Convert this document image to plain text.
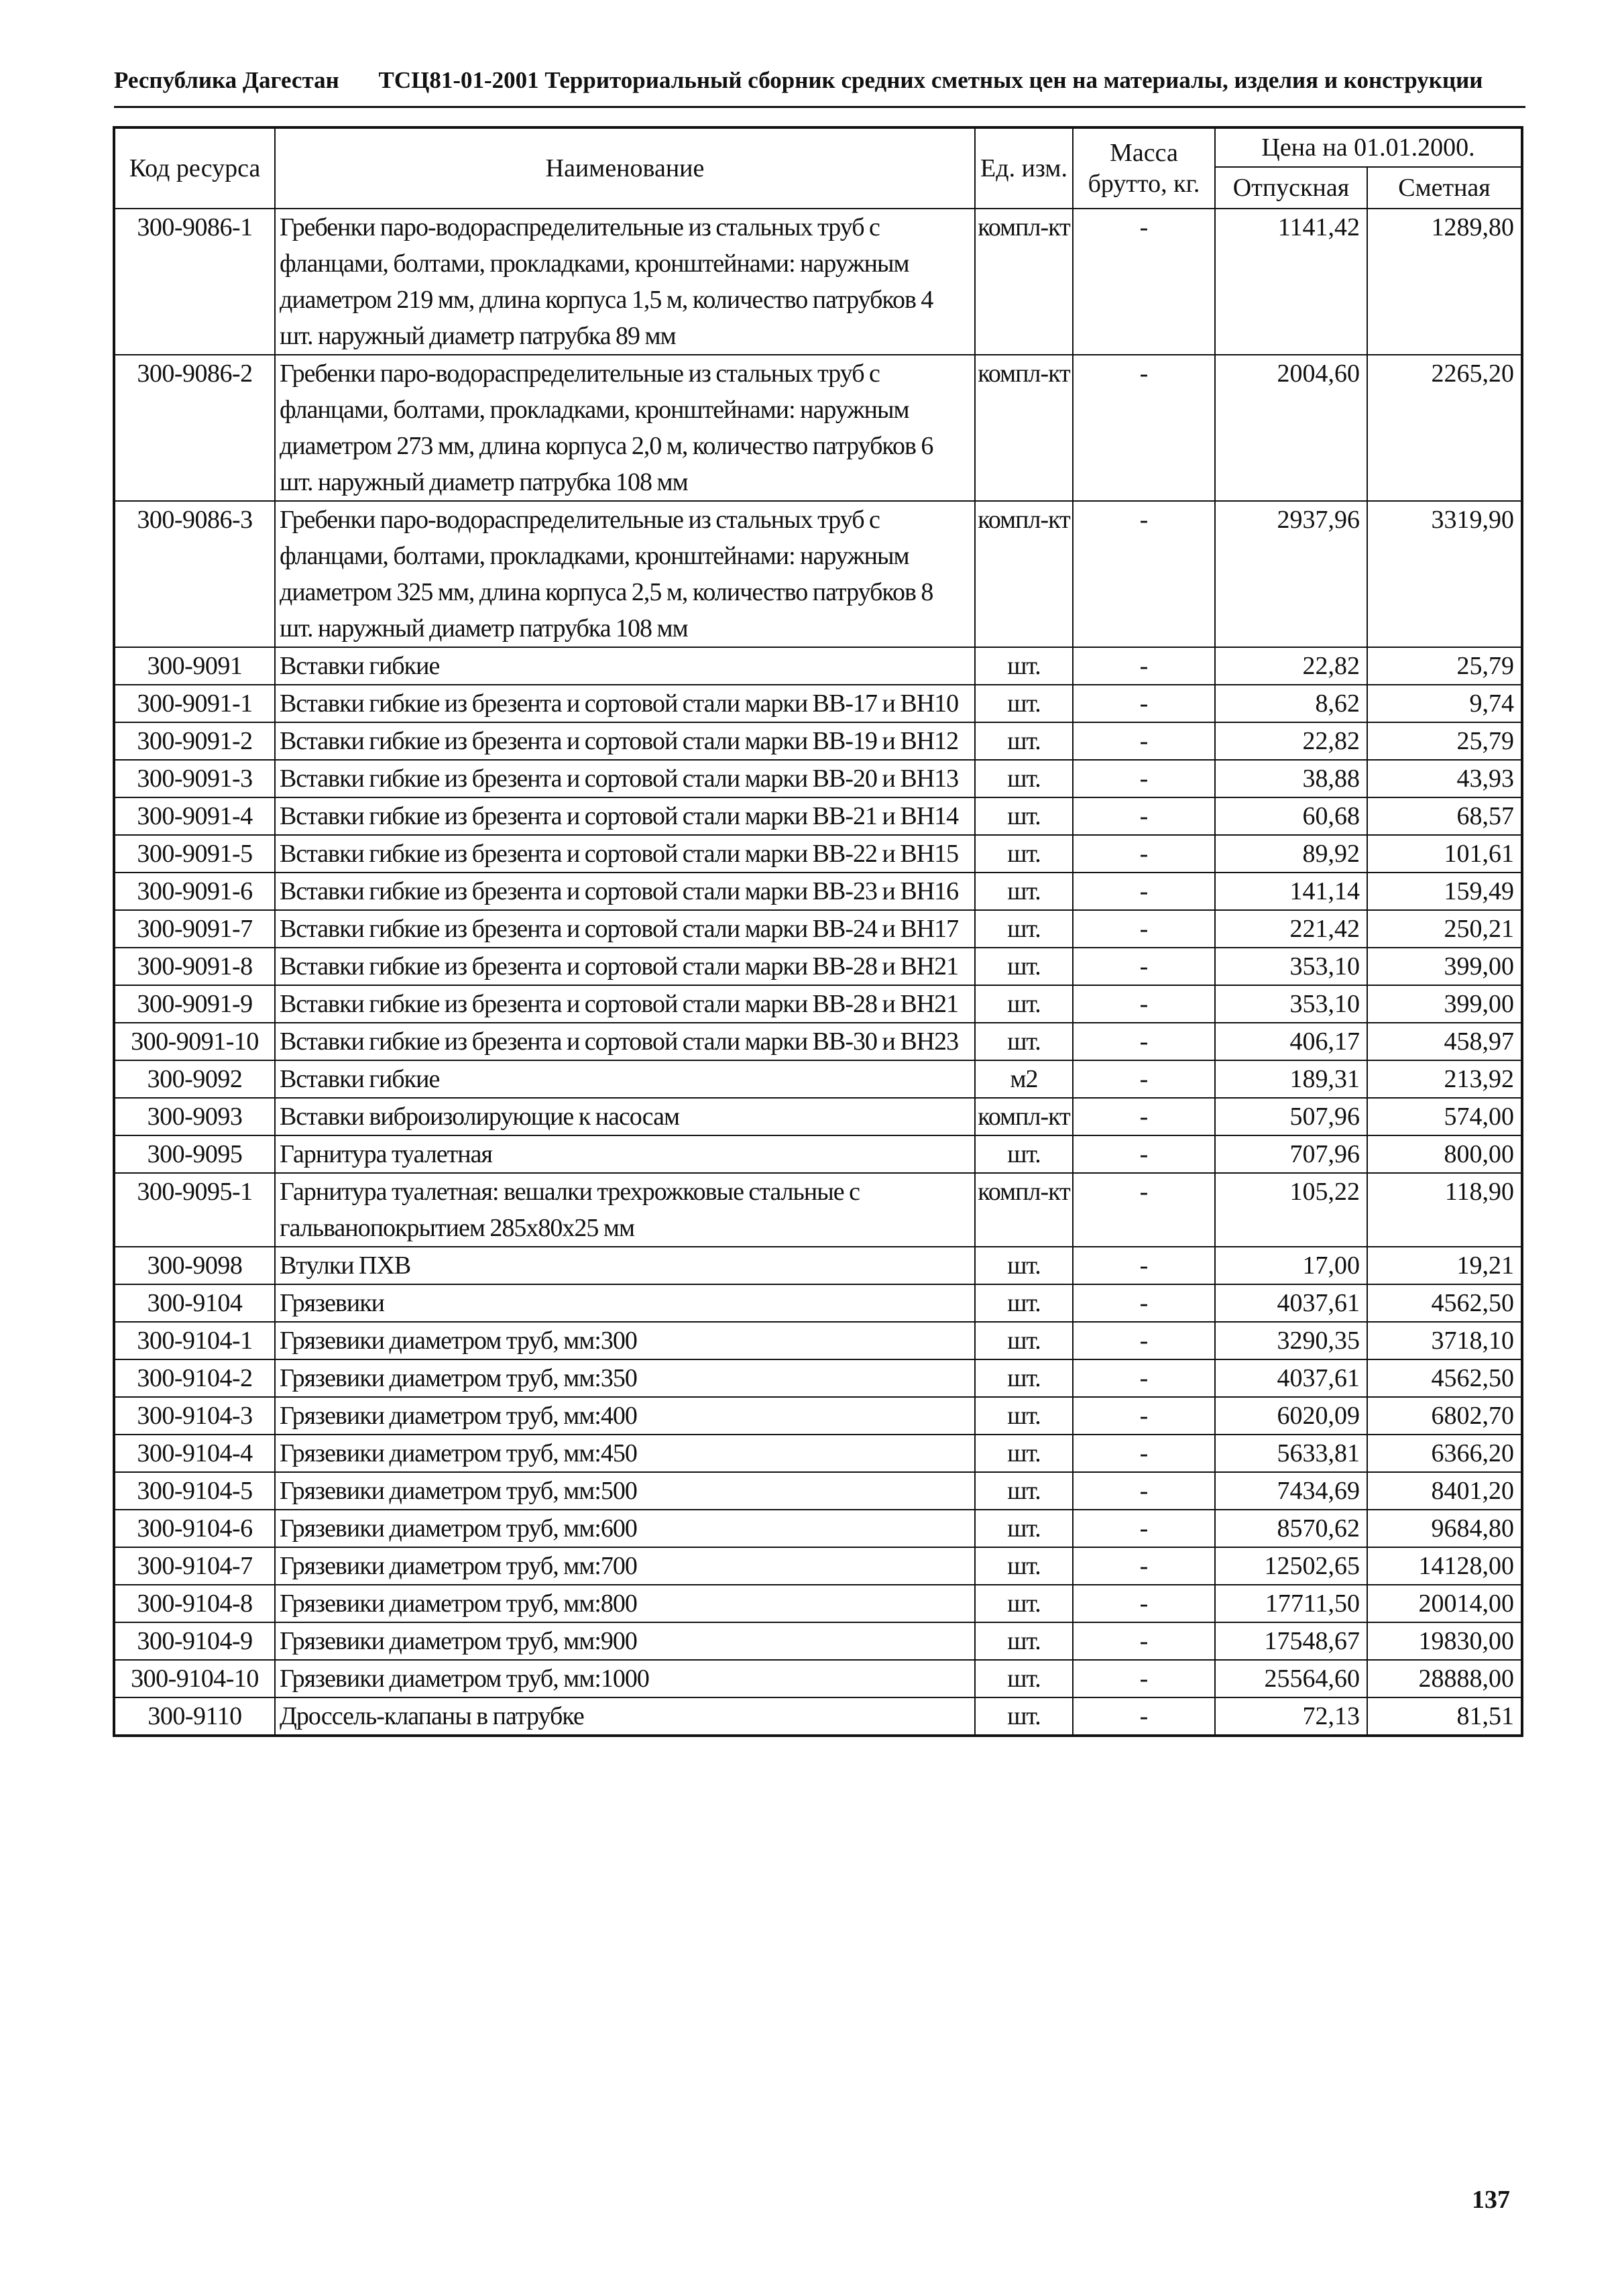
Республика Дагестан ТСЦ81-01-2001 Территориальный сборник средних сметных цен на материалы, изделия и конструкции
Код ресурса	Наименование	Ед. изм.	Масса брутто, кг.	Цена на 01.01.2000.	
				Отпускная	Сметная
300-9086-1	Гребенки паро-водораспределительные из стальных труб с фланцами, болтами, прокладками, кронштейнами: наружным диаметром 219 мм, длина корпуса 1,5 м, количество патрубков 4 шт. наружный диаметр патрубка 89 мм	компл-кт	-	1141,42	1289,80
300-9086-2	Гребенки паро-водораспределительные из стальных труб с фланцами, болтами, прокладками, кронштейнами: наружным диаметром 273 мм, длина корпуса 2,0 м, количество патрубков 6 шт. наружный диаметр патрубка 108 мм	компл-кт	-	2004,60	2265,20
300-9086-3	Гребенки паро-водораспределительные из стальных труб с фланцами, болтами, прокладками, кронштейнами: наружным диаметром 325 мм, длина корпуса 2,5 м, количество патрубков 8 шт. наружный диаметр патрубка 108 мм	компл-кт	-	2937,96	3319,90
300-9091	Вставки гибкие	шт.	-	22,82	25,79
300-9091-1	Вставки гибкие из брезента и сортовой стали марки ВВ-17 и ВН10	шт.	-	8,62	9,74
300-9091-2	Вставки гибкие из брезента и сортовой стали марки ВВ-19 и ВН12	шт.	-	22,82	25,79
300-9091-3	Вставки гибкие из брезента и сортовой стали марки ВВ-20 и ВН13	шт.	-	38,88	43,93
300-9091-4	Вставки гибкие из брезента и сортовой стали марки ВВ-21 и ВН14	шт.	-	60,68	68,57
300-9091-5	Вставки гибкие из брезента и сортовой стали марки ВВ-22 и ВН15	шт.	-	89,92	101,61
300-9091-6	Вставки гибкие из брезента и сортовой стали марки ВВ-23 и ВН16	шт.	-	141,14	159,49
300-9091-7	Вставки гибкие из брезента и сортовой стали марки ВВ-24 и ВН17	шт.	-	221,42	250,21
300-9091-8	Вставки гибкие из брезента и сортовой стали марки ВВ-28 и ВН21	шт.	-	353,10	399,00
300-9091-9	Вставки гибкие из брезента и сортовой стали марки ВВ-28 и ВН21	шт.	-	353,10	399,00
300-9091-10	Вставки гибкие из брезента и сортовой стали марки ВВ-30 и ВН23	шт.	-	406,17	458,97
300-9092	Вставки гибкие	м2	-	189,31	213,92
300-9093	Вставки виброизолирующие к насосам	компл-кт	-	507,96	574,00
300-9095	Гарнитура туалетная	шт.	-	707,96	800,00
300-9095-1	Гарнитура туалетная: вешалки трехрожковые стальные с гальванопокрытием 285х80х25 мм	компл-кт	-	105,22	118,90
300-9098	Втулки ПХВ	шт.	-	17,00	19,21
300-9104	Грязевики	шт.	-	4037,61	4562,50
300-9104-1	Грязевики диаметром труб, мм:300	шт.	-	3290,35	3718,10
300-9104-2	Грязевики диаметром труб, мм:350	шт.	-	4037,61	4562,50
300-9104-3	Грязевики диаметром труб, мм:400	шт.	-	6020,09	6802,70
300-9104-4	Грязевики диаметром труб, мм:450	шт.	-	5633,81	6366,20
300-9104-5	Грязевики диаметром труб, мм:500	шт.	-	7434,69	8401,20
300-9104-6	Грязевики диаметром труб, мм:600	шт.	-	8570,62	9684,80
300-9104-7	Грязевики диаметром труб, мм:700	шт.	-	12502,65	14128,00
300-9104-8	Грязевики диаметром труб, мм:800	шт.	-	17711,50	20014,00
300-9104-9	Грязевики диаметром труб, мм:900	шт.	-	17548,67	19830,00
300-9104-10	Грязевики диаметром труб, мм:1000	шт.	-	25564,60	28888,00
300-9110	Дроссель-клапаны в патрубке	шт.	-	72,13	81,51
137
